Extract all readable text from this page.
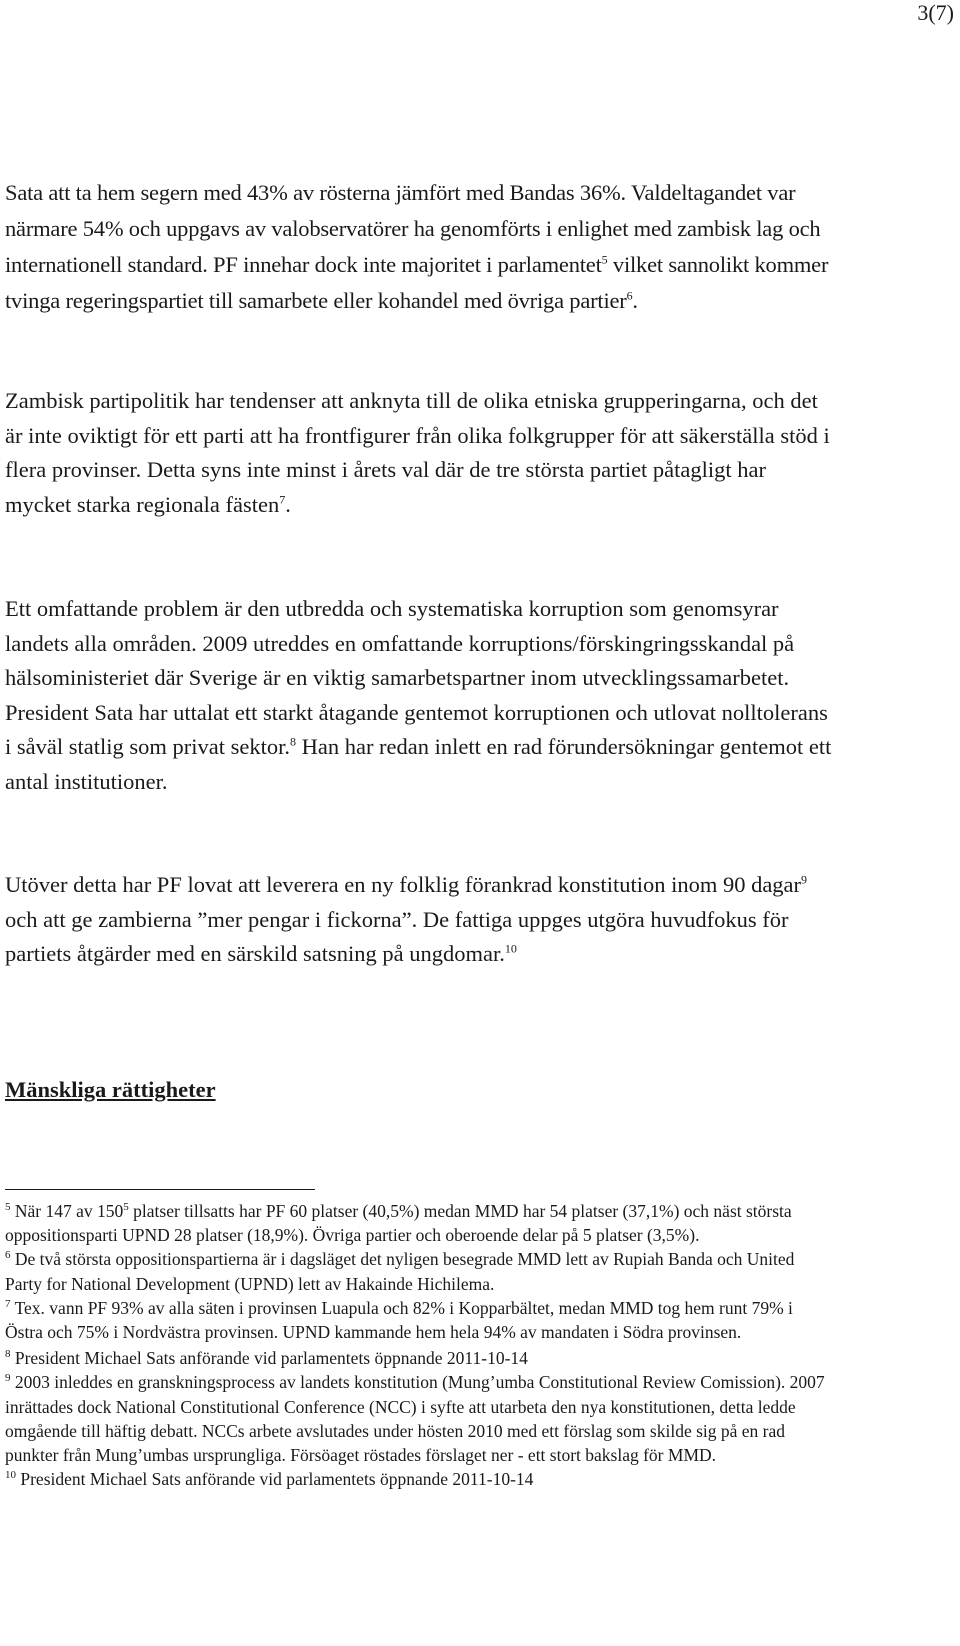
3(7)

Sata att ta hem segern med 43% av rösterna jämfört med Bandas 36%. Valdeltagandet var närmare 54% och uppgavs av valobservatörer ha genomförts i enlighet med zambisk lag och internationell standard. PF innehar dock inte majoritet i parlamentet$^5$ vilket sannolikt kommer tvinga regeringspartiet till samarbete eller kohandel med övriga partier$^6$.

Zambisk partipolitik har tendenser att anknyta till de olika etniska grupperingarna, och det är inte oviktigt för ett parti att ha frontfigurer från olika folkgrupper för att säkerställa stöd i flera provinser. Detta syns inte minst i årets val där de tre största partiet påtagligt har mycket starka regionala fästen$^7$.

Ett omfattande problem är den utbredda och systematiska korruption som genomsyrar landets alla områden. 2009 utreddes en omfattande korruptions/förskingringsskandal på hälsoministeriet där Sverige är en viktig samarbetspartner inom utvecklingssamarbetet. President Sata har uttalat ett starkt åtagande gentemot korruptionen och utlovat nolltolerans i såväl statlig som privat sektor.$^8$ Han har redan inlett en rad förundersökningar gentemot ett antal institutioner.

Utöver detta har PF lovat att leverera en ny folklig förankrad konstitution inom 90 dagar$^9$ och att ge zambierna ”mer pengar i fickorna”. De fattiga uppges utgöra huvudfokus för partiets åtgärder med en särskild satsning på ungdomar.$^{10}$

Mänskliga rättigheter

$^5$ När 147 av $150^5$ platser tillsatts har PF 60 platser (40,5%) medan MMD har 54 platser (37,1%) och näst största oppositionsparti UPND 28 platser (18,9%). Övriga partier och oberoende delar på 5 platser (3,5%).

$^6$ De två största oppositionspartierna är i dagsläget det nyligen besegrade MMD lett av Rupiah Banda och United Party for National Development (UPND) lett av Hakainde Hichilema.

$^7$ Tex. vann PF 93% av alla säten i provinsen Luapula och 82% i Kopparbältet, medan MMD tog hem runt 79% i Östra och 75% i Nordvästra provinsen. UPND kammande hem hela 94% av mandaten i Södra provinsen.

$^8$ President Michael Sats anförande vid parlamentets öppnande 2011-10-14

$^9$ 2003 inleddes en granskningsprocess av landets konstitution (Mung’umba Constitutional Review Comission). 2007 inrättades dock National Constitutional Conference (NCC) i syfte att utarbeta den nya konstitutionen, detta ledde omgående till häftig debatt. NCCs arbete avslutades under hösten 2010 med ett förslag som skilde sig på en rad punkter från Mung’umbas ursprungliga. Försöaget röstades förslaget ner - ett stort bakslag för MMD.

$^{10}$ President Michael Sats anförande vid parlamentets öppnande 2011-10-14
